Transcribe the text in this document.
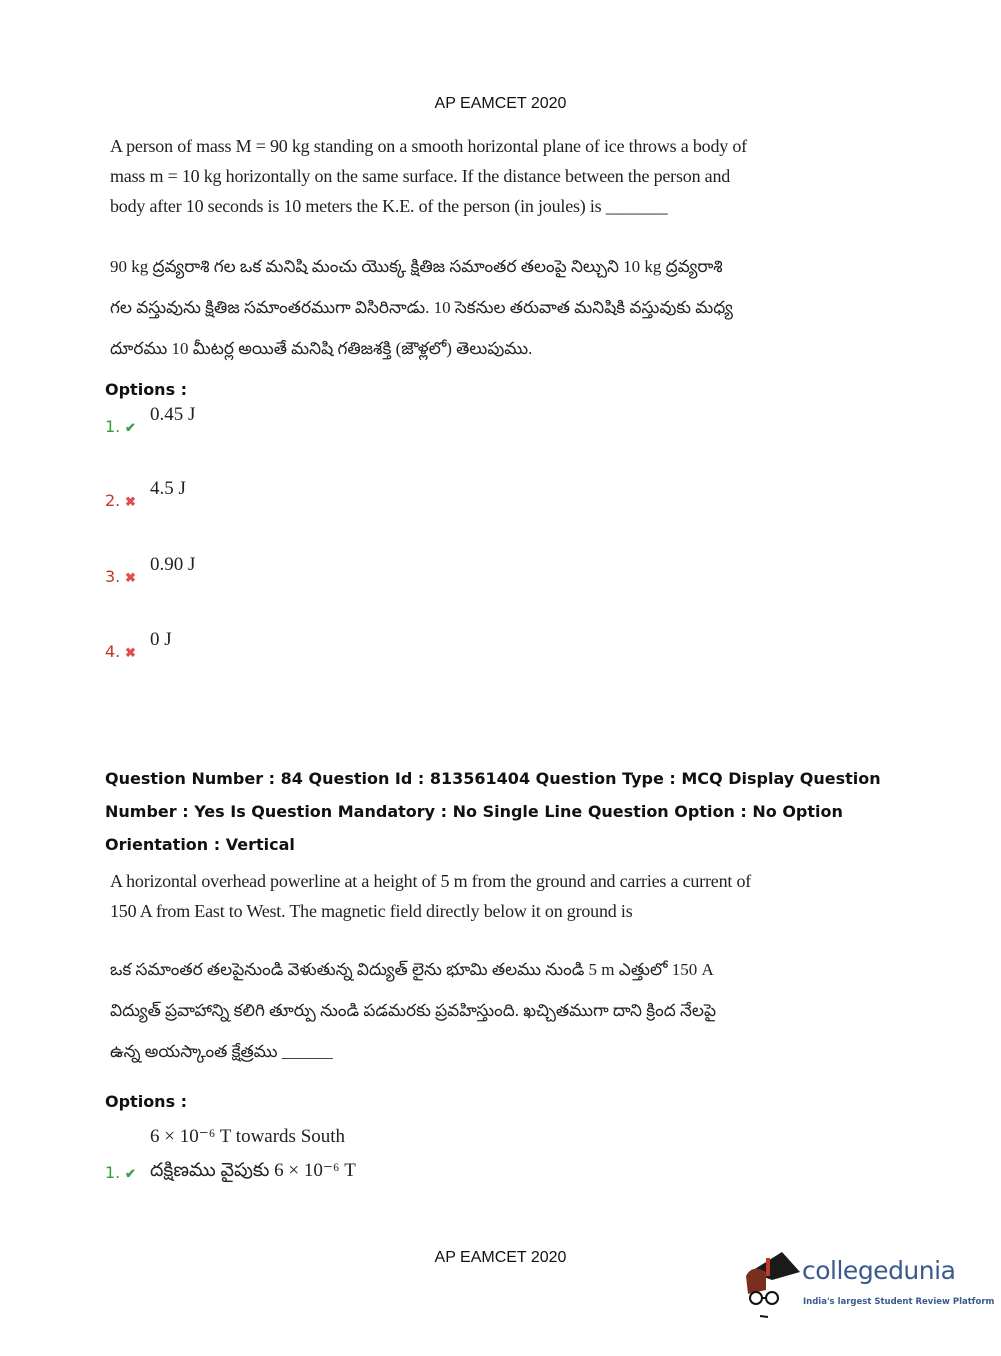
AP EAMCET 2020
A person of mass M = 90 kg standing on a smooth horizontal plane of ice throws a body of
mass m = 10 kg horizontally on the same surface. If the distance between the person and
body after 10 seconds is 10 meters the K.E. of the person (in joules) is _______
90 kg ద్రవ్యరాశి గల ఒక మనిషి మంచు యొక్క క్షితిజ సమాంతర తలంపై నిల్చుని 10 kg ద్రవ్యరాశి
గల వస్తువును క్షితిజ సమాంతరముగా విసిరినాడు. 10 సెకనుల తరువాత మనిషికి వస్తువుకు మధ్య
దూరము 10 మీటర్ల అయితే మనిషి గతిజశక్తి (జౌళ్లలో) తెలుపుము.
Options :
1. ✔
0.45 J
2. ✖
4.5 J
3. ✖
0.90 J
4. ✖
0 J
Question Number : 84 Question Id : 813561404 Question Type : MCQ Display Question
Number : Yes Is Question Mandatory : No Single Line Question Option : No Option
Orientation : Vertical
A horizontal overhead powerline at a height of 5 m from the ground and carries a current of
150 A from East to West. The magnetic field directly below it on ground is
ఒక సమాంతర తలపైనుండి వెళుతున్న విద్యుత్ లైను భూమి తలము నుండి 5 m ఎత్తులో 150 A
విద్యుత్ ప్రవాహాన్ని కలిగి తూర్పు నుండి పడమరకు ప్రవహిస్తుంది. ఖచ్చితముగా దాని క్రింద నేలపై
ఉన్న అయస్కాంత క్షేత్రము ______
Options :
6 × 10⁻⁶ T towards South
1. ✔ దక్షిణము వైపుకు 6 × 10⁻⁶ T
AP EAMCET 2020	collegedunia
India's largest Student Review Platform
